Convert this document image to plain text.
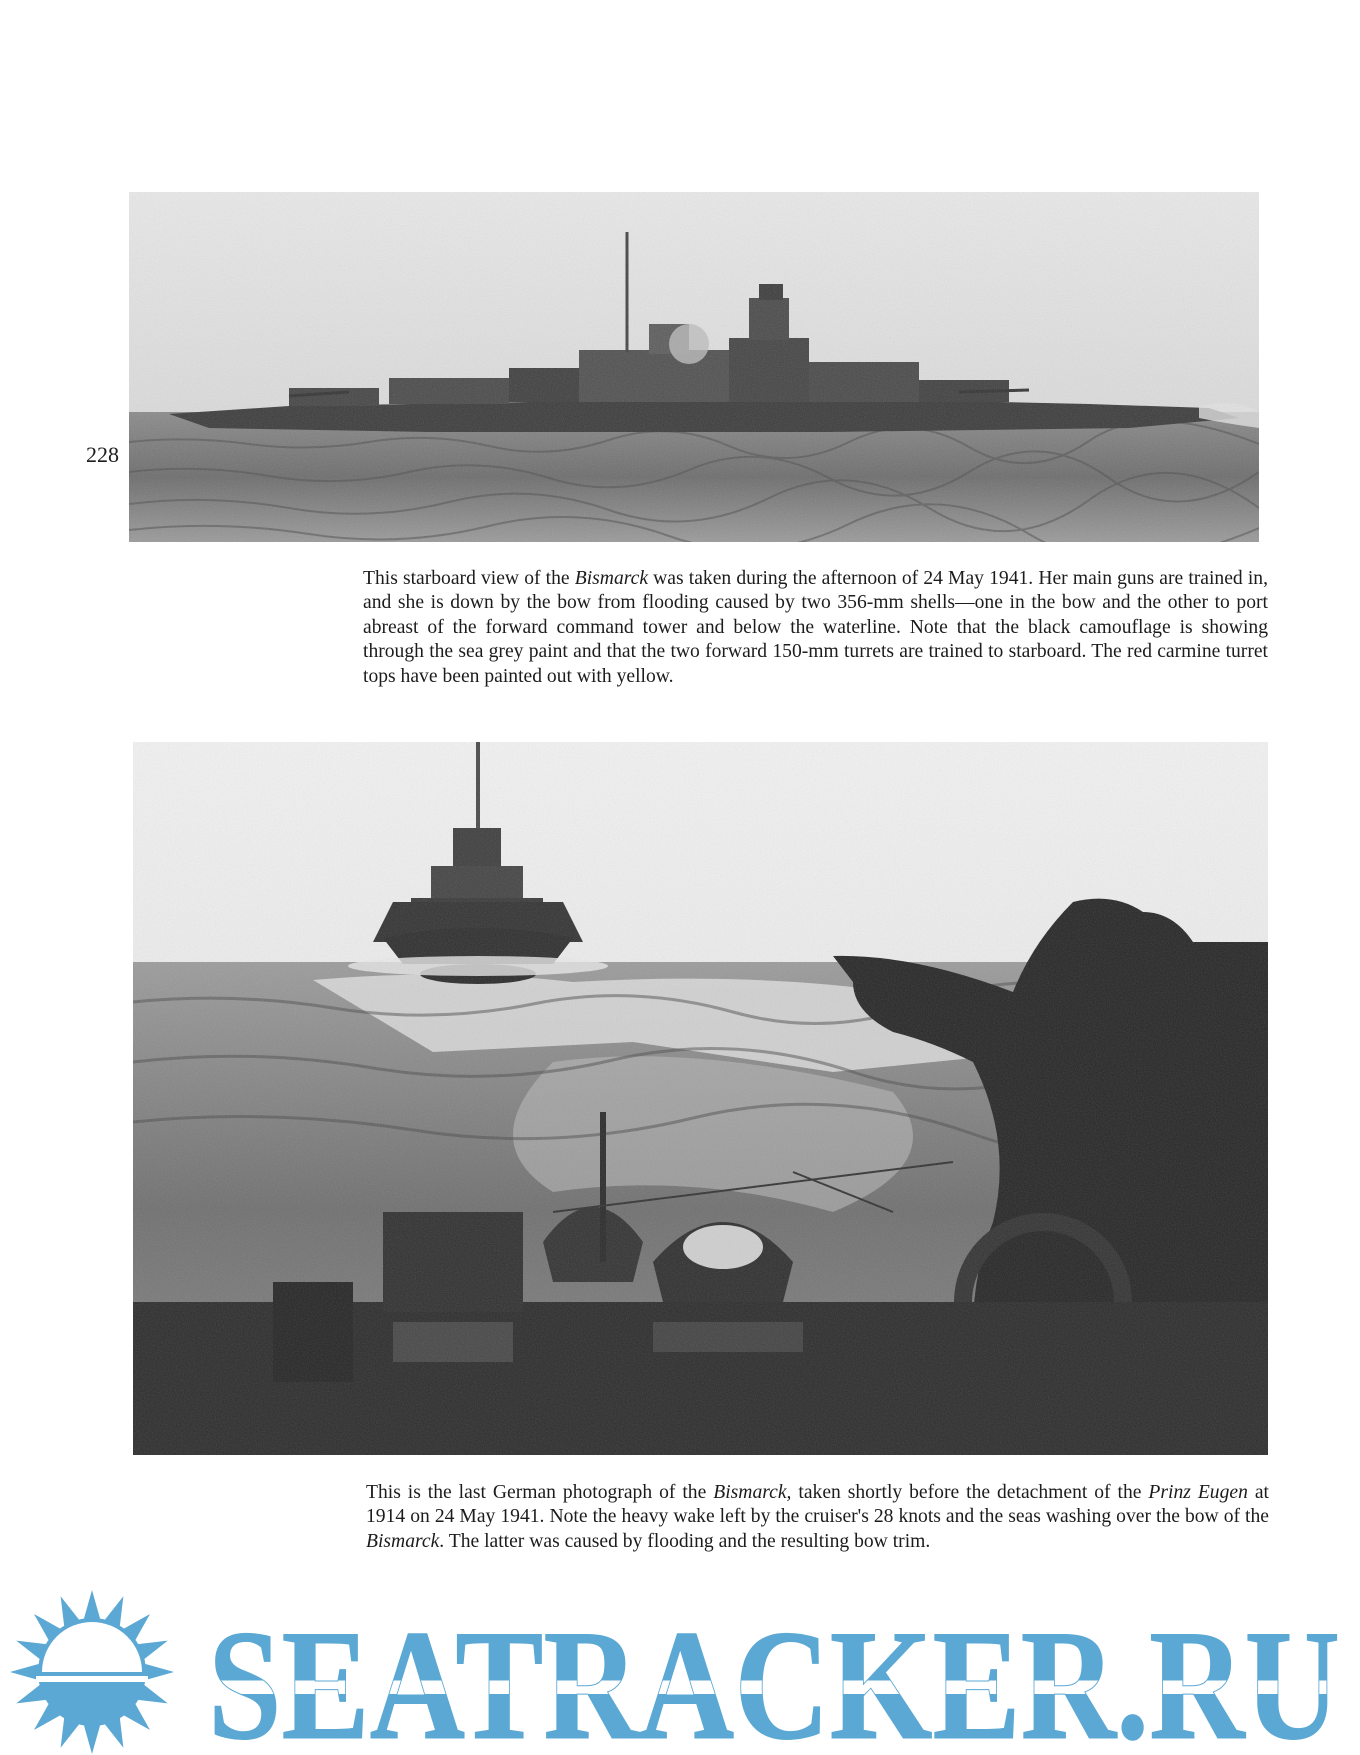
228

This starboard view of the Bismarck was taken during the afternoon of 24 May 1941. Her main guns are trained in, and she is down by the bow from flooding caused by two 356-mm shells—one in the bow and the other to port abreast of the forward command tower and below the waterline. Note that the black camouflage is showing through the sea grey paint and that the two forward 150-mm turrets are trained to starboard. The red carmine turret tops have been painted out with yellow.

This is the last German photograph of the Bismarck, taken shortly before the detachment of the Prinz Eugen at 1914 on 24 May 1941. Note the heavy wake left by the cruiser's 28 knots and the seas washing over the bow of the Bismarck. The latter was caused by flooding and the resulting bow trim.

SEATRACKER.RU
